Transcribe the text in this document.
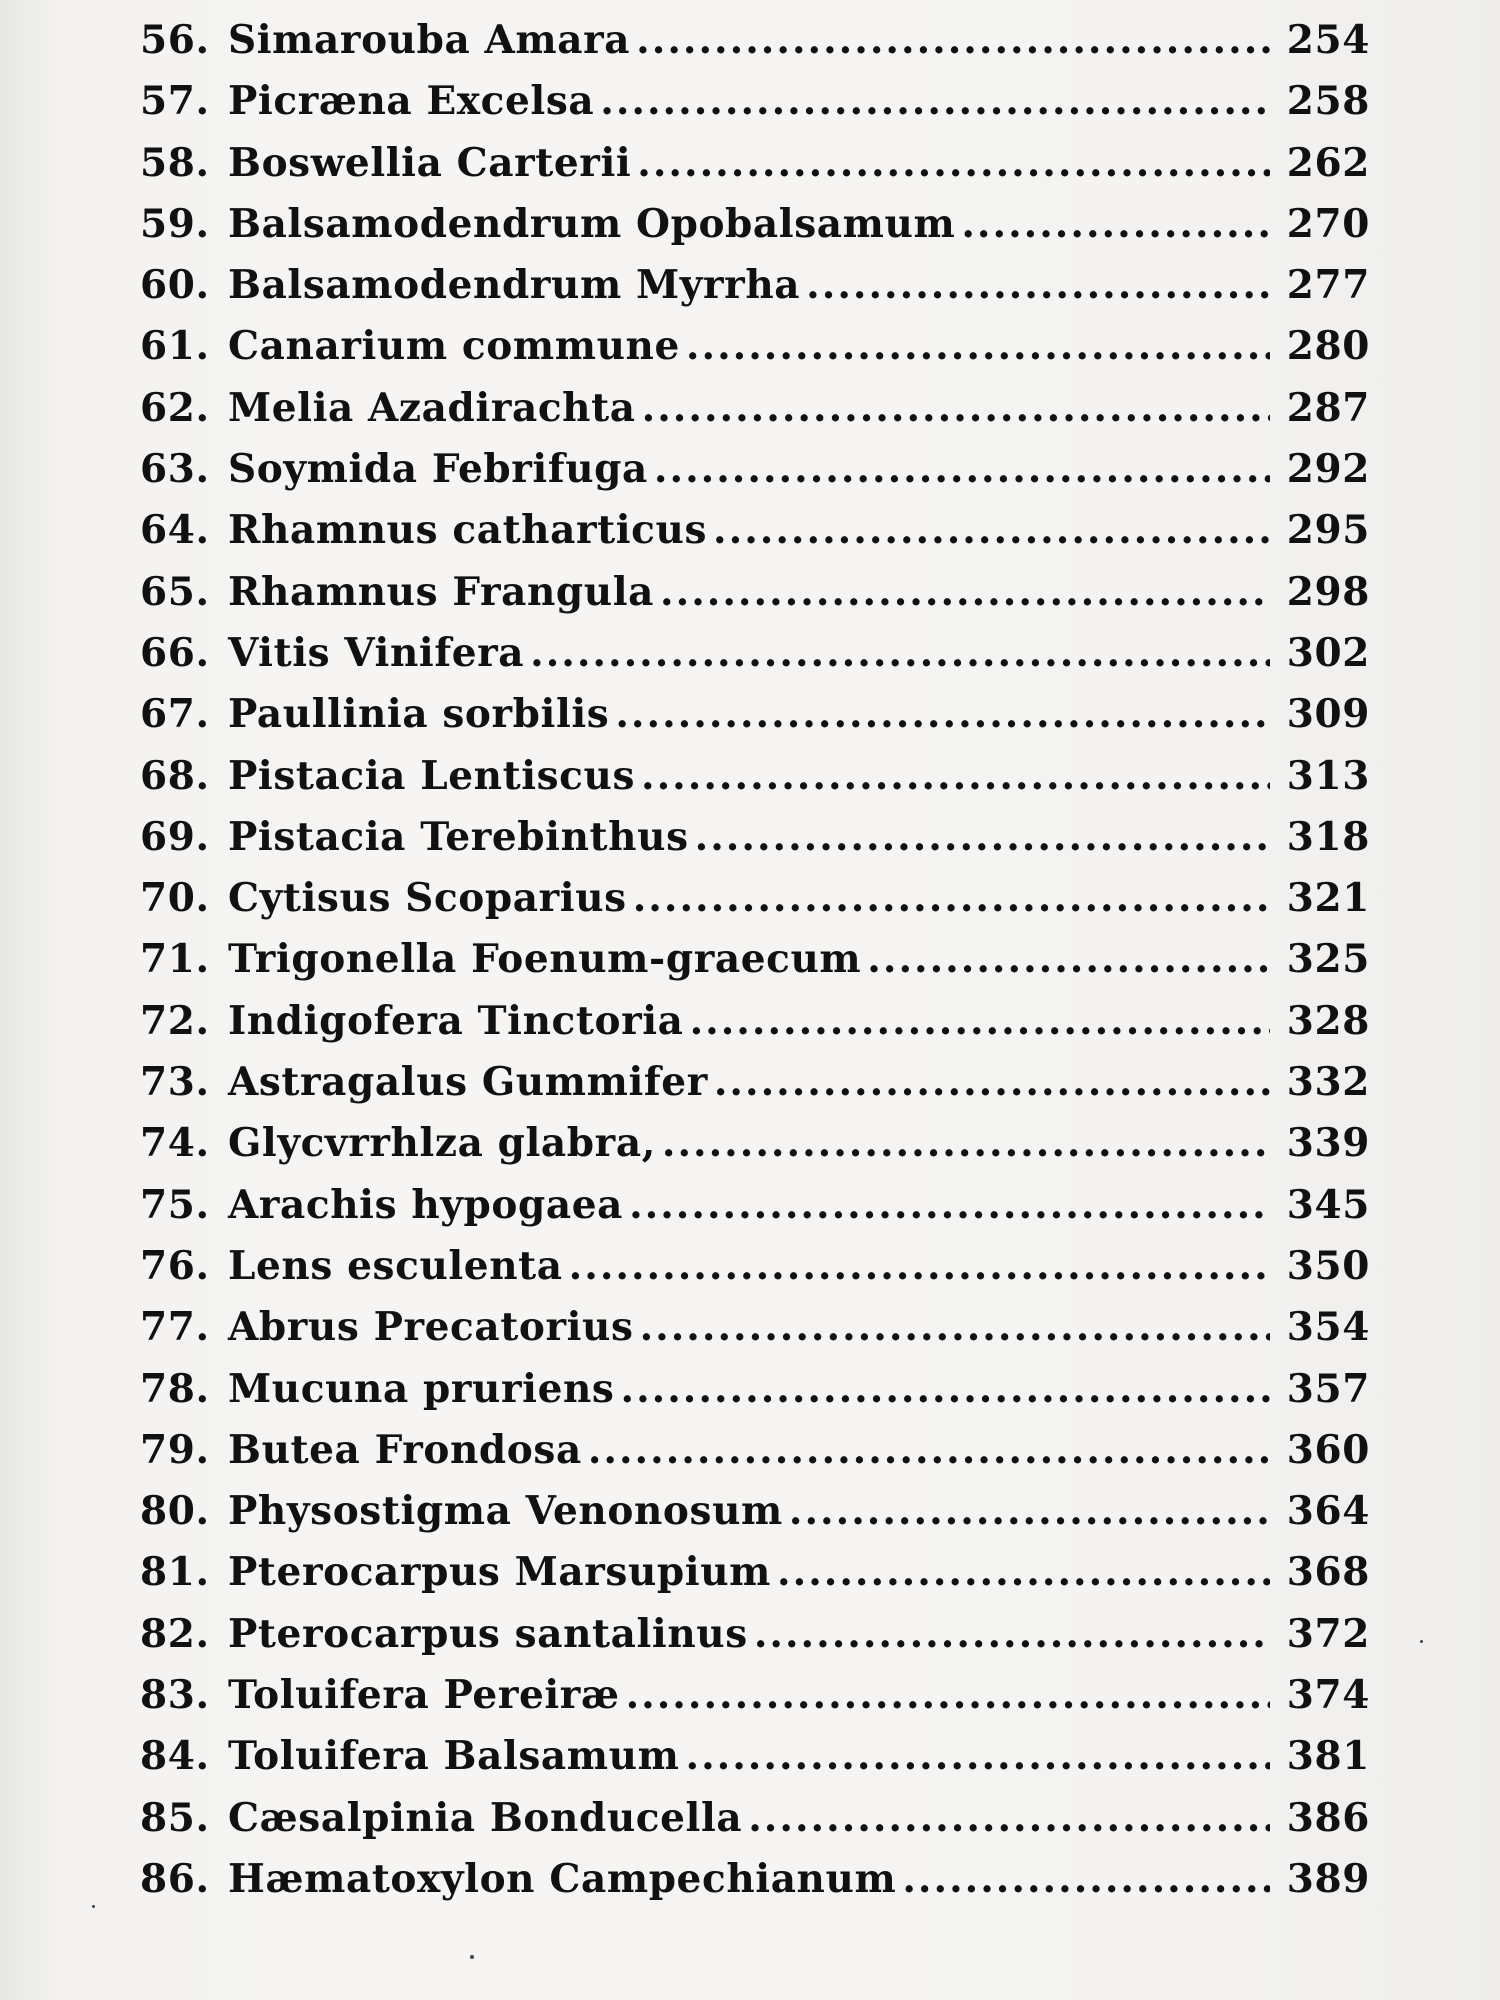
56. Simarouba Amara .....	254
57. Picræna Excelsa .....	258
58. Boswellia Carterii .....	262
59. Balsamodendrum Opobalsamum .....	270
60. Balsamodendrum Myrrha .....	277
61. Canarium commune .....	280
62. Melia Azadirachta .....	287
63. Soymida Febrifuga .....	292
64. Rhamnus catharticus .....	295
65. Rhamnus Frangula .....	298
66. Vitis Vinifera .....	302
67. Paullinia sorbilis .....	309
68. Pistacia Lentiscus .....	313
69. Pistacia Terebinthus .....	318
70. Cytisus Scoparius .....	321
71. Trigonella Foenum-graecum .....	325
72. Indigofera Tinctoria .....	328
73. Astragalus Gummifer .....	332
74. Glycvrrhlza glabra, .....	339
75. Arachis hypogaea .....	345
76. Lens esculenta .....	350
77. Abrus Precatorius .....	354
78. Mucuna pruriens .....	357
79. Butea Frondosa .....	360
80. Physostigma Venonosum .....	364
81. Pterocarpus Marsupium .....	368
82. Pterocarpus santalinus .....	372
83. Toluifera Pereiræ .....	374
84. Toluifera Balsamum .....	381
85. Cæsalpinia Bonducella .....	386
86. Hæmatoxylon Campechianum .....	389
